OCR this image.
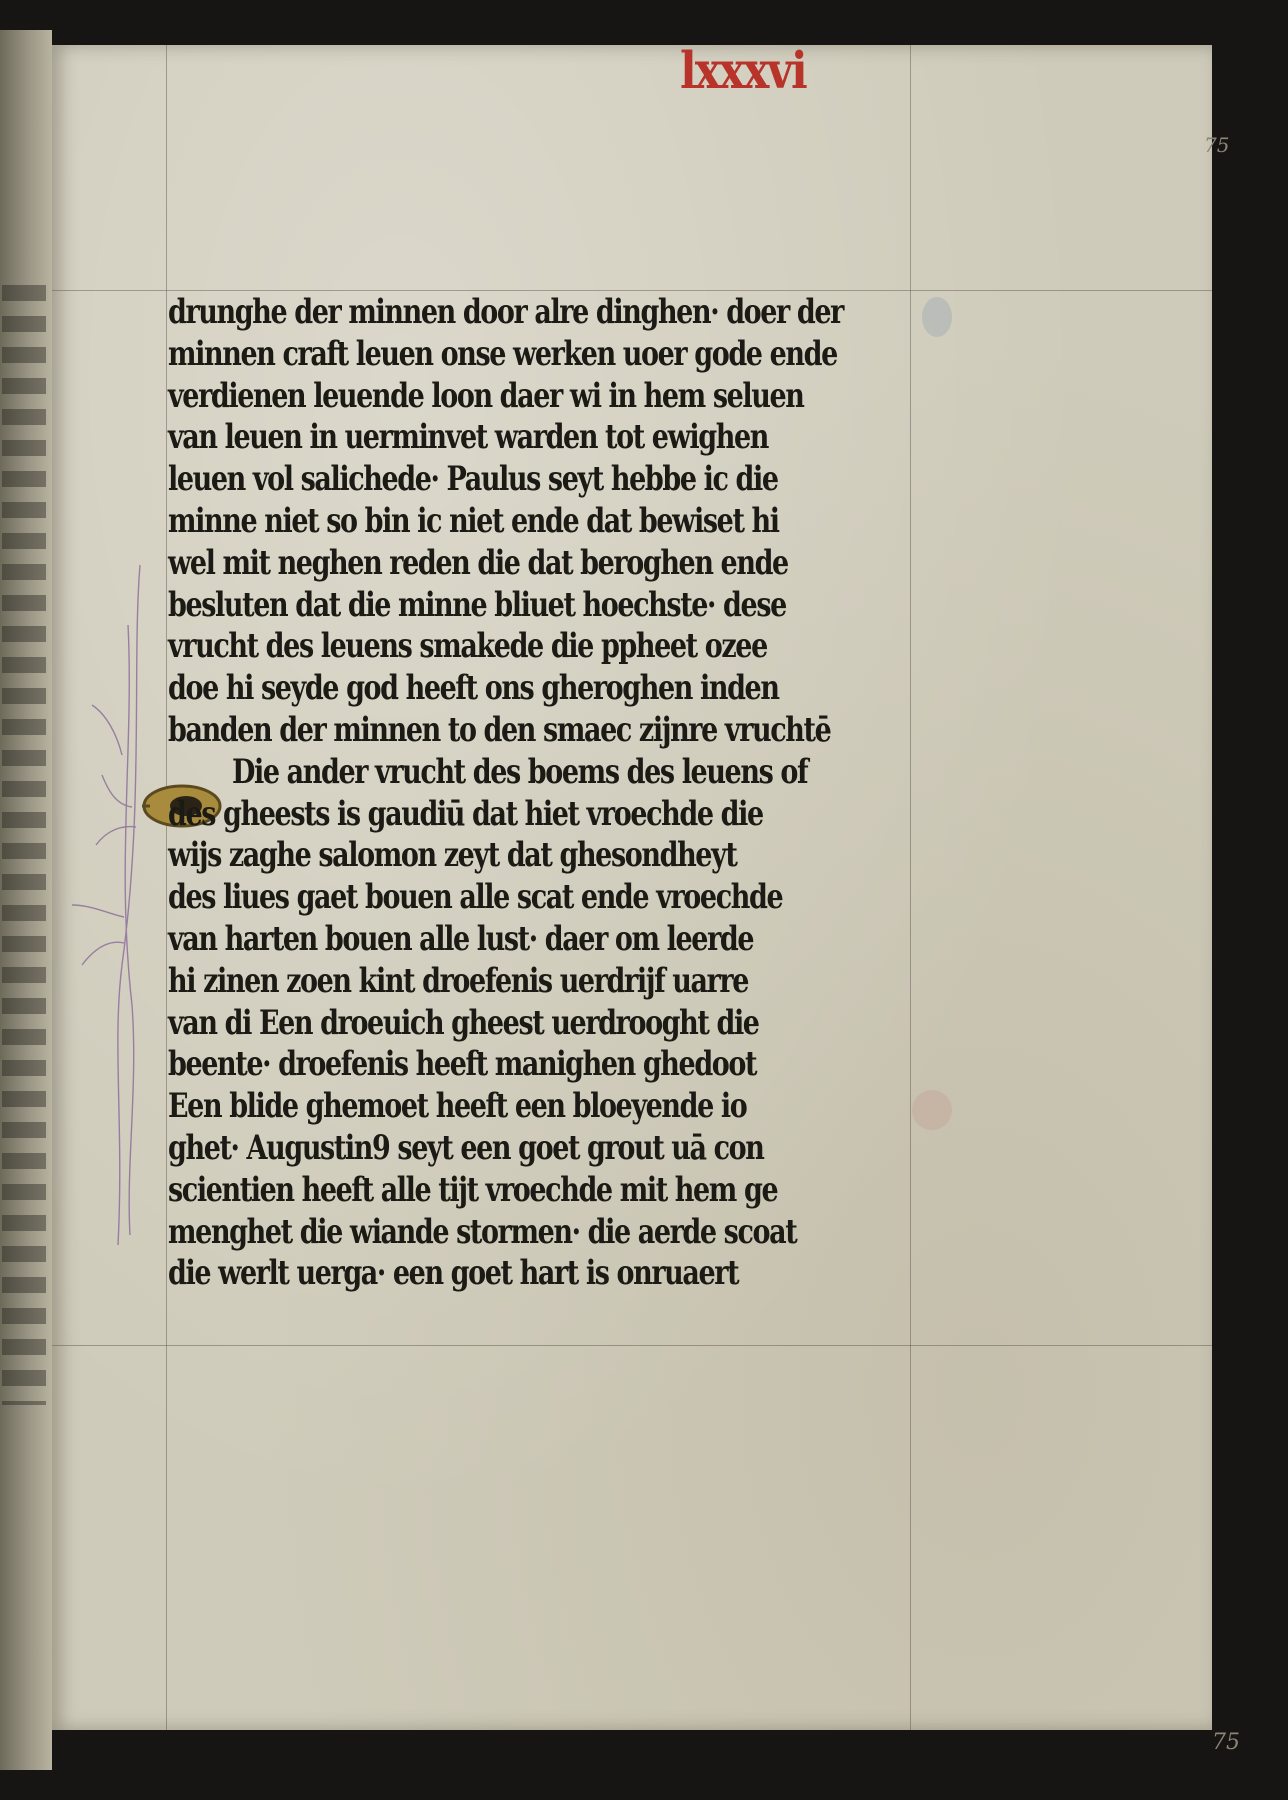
75
75
lxxxvi
drunghe der minnen door alre dinghen· doer der
minnen craft leuen onse werken uoer gode ende
verdienen leuende loon daer wi in hem seluen
van leuen in uerminvet warden tot ewighen
leuen vol salichede· Paulus seyt hebbe ic die
minne niet so bin ic niet ende dat bewiset hi
wel mit neghen reden die dat beroghen ende
besluten dat die minne bliuet hoechste· dese
vrucht des leuens smakede die ppheet ozee
doe hi seyde god heeft ons gheroghen inden
banden der minnen to den smaec zijnre vruchtē
Die ander vrucht des boems des leuens of
des gheests is gaudiū dat hiet vroechde die
wijs zaghe salomon zeyt dat ghesondheyt
des liues gaet bouen alle scat ende vroechde
van harten bouen alle lust· daer om leerde
hi zinen zoen kint droefenis uerdrijf uarre
van di Een droeuich gheest uerdrooght die
beente· droefenis heeft manighen ghedoot
Een blide ghemoet heeft een bloeyende io
ghet· Augustin9 seyt een goet grout uā con
scientien heeft alle tijt vroechde mit hem ge
menghet die wiande stormen· die aerde scoat
die werlt uerga· een goet hart is onruaert
